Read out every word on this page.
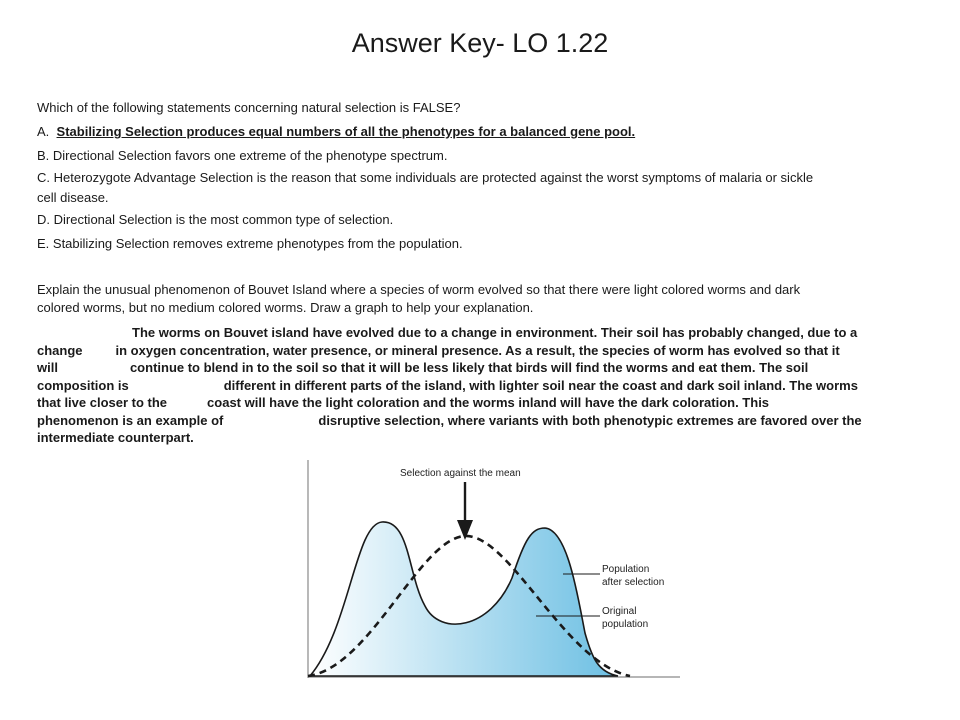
Answer Key- LO 1.22

Which of the following statements concerning natural selection is FALSE?

A. Stabilizing Selection produces equal numbers of all the phenotypes for a balanced gene pool.

B. Directional Selection favors one extreme of the phenotype spectrum.

C. Heterozygote Advantage Selection is the reason that some individuals are protected against the worst symptoms of malaria or sickle

cell disease.

D. Directional Selection is the most common type of selection.

E. Stabilizing Selection removes extreme phenotypes from the population.

Explain the unusual phenomenon of Bouvet Island where a species of worm evolved so that there were light colored worms and dark

colored worms, but no medium colored worms. Draw a graph to help your explanation.

The worms on Bouvet island have evolved due to a change in environment. Their soil has probably changed, due to a
change	in oxygen concentration, water presence, or mineral presence. As a result, the species of worm has evolved so that it
will	continue to blend in to the soil so that it will be less likely that birds will find the worms and eat them. The soil
composition is	different in different parts of the island, with lighter soil near the coast and dark soil inland. The worms
that live closer to the	coast will have the light coloration and the worms inland will have the dark coloration. This
phenomenon is an example of	disruptive selection, where variants with both phenotypic extremes are favored over the
intermediate counterpart.
Selection against the mean
Population
after selection
Original
population
